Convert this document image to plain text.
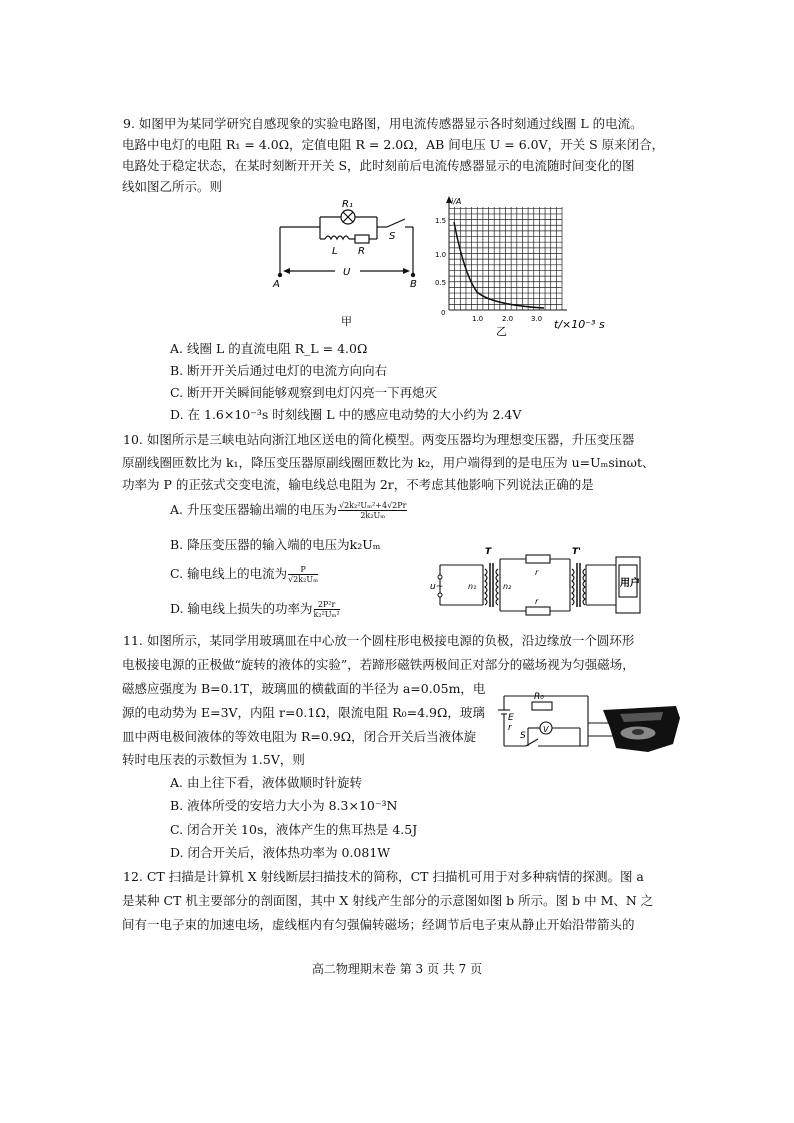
9. 如图甲为某同学研究自感现象的实验电路图，用电流传感器显示各时刻通过线圈 L 的电流。
电路中电灯的电阻 R₁ = 4.0Ω，定值电阻 R = 2.0Ω，AB 间电压 U = 6.0V，开关 S 原来闭合，
电路处于稳定状态，在某时刻断开开关 S，此时刻前后电流传感器显示的电流随时间变化的图
线如图乙所示。则
R₁
L R
S
U
A	B
甲
i/A
1.5
1.0
0.5
0
1.0	2.0	3.0 t/×10⁻³ s
乙
A. 线圈 L 的直流电阻 R_L = 4.0Ω
B. 断开开关后通过电灯的电流方向向右
C. 断开开关瞬间能够观察到电灯闪亮一下再熄灭
D. 在 1.6×10⁻³s 时刻线圈 L 中的感应电动势的大小约为 2.4V
10. 如图所示是三峡电站向浙江地区送电的简化模型。两变压器均为理想变压器，升压变压器
原副线圈匝数比为 k₁，降压变压器原副线圈匝数比为 k₂，用户端得到的是电压为 u=Uₘsinωt、
功率为 P 的正弦式交变电流，输电线总电阻为 2r，不考虑其他影响下列说法正确的是
A. 升压变压器输出端的电压为 $\frac{\text{√2k₂²Uₘ²+4√2Pr}}{\text{2k₂Uₘ}}$
B. 降压变压器的输入端的电压为k₂Uₘ
C. 输电线上的电流为 $\frac{P}{\text{√2k₂Uₘ}}$
D. 输电线上损失的功率为 $\frac{\text{2P²r}}{\text{k₂²Uₘ²}}$
T	T'
u~	n₁	n₂
r
r
用户
11. 如图所示，某同学用玻璃皿在中心放一个圆柱形电极接电源的负极，沿边缘放一个圆环形
电极接电源的正极做“旋转的液体的实验”，若蹄形磁铁两极间正对部分的磁场视为匀强磁场，
磁感应强度为 B=0.1T，玻璃皿的横截面的半径为 a=0.05m，电
源的电动势为 E=3V，内阻 r=0.1Ω，限流电阻 R₀=4.9Ω，玻璃
皿中两电极间液体的等效电阻为 R=0.9Ω，闭合开关后当液体旋
转时电压表的示数恒为 1.5V，则
E
r
R₀
V
S
A. 由上往下看，液体做顺时针旋转
B. 液体所受的安培力大小为 8.3×10⁻³N
C. 闭合开关 10s，液体产生的焦耳热是 4.5J
D. 闭合开关后，液体热功率为 0.081W
12. CT 扫描是计算机 X 射线断层扫描技术的简称，CT 扫描机可用于对多种病情的探测。图 a
是某种 CT 机主要部分的剖面图，其中 X 射线产生部分的示意图如图 b 所示。图 b 中 M、N 之
间有一电子束的加速电场，虚线框内有匀强偏转磁场；经调节后电子束从静止开始沿带箭头的
高二物理期末卷 第 3 页 共 7 页
